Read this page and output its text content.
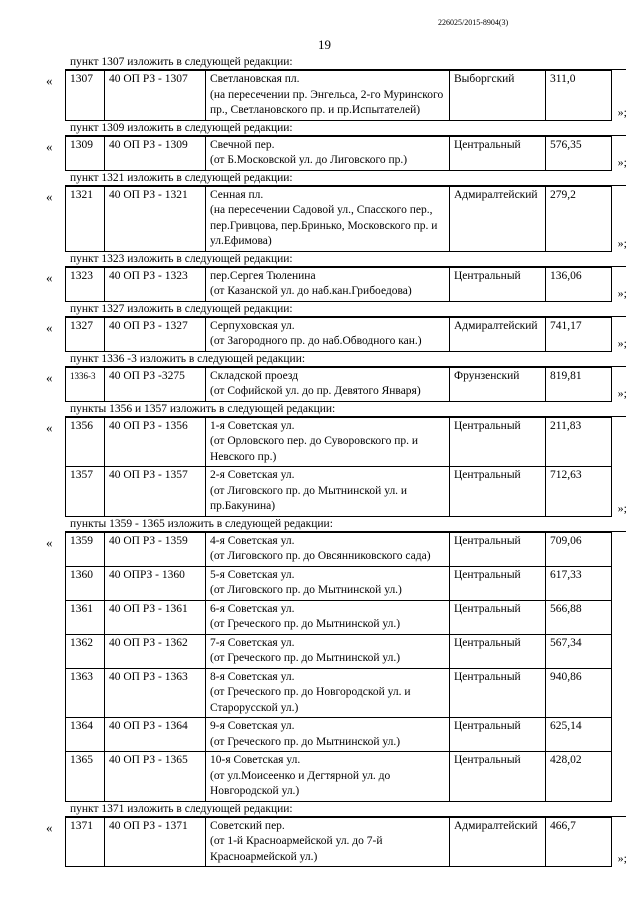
226025/2015-8904(3)
19
пункт 1307 изложить в следующей редакции:
« 1307	40 ОП РЗ - 1307	Светлановская пл.
(на пересечении пр. Энгельса, 2-го Муринского пр., Светлановского пр. и пр.Испытателей)
	Выборгский	311,0
»;
пункт 1309 изложить в следующей редакции:
« 1309	40 ОП РЗ - 1309	Свечной пер.
(от Б.Московской ул. до Лиговского пр.)
	Центральный	576,35
»;
пункт 1321 изложить в следующей редакции:
« 1321	40 ОП РЗ - 1321	Сенная пл.
(на пересечении Садовой ул., Спасского пер., пер.Гривцова, пер.Бринько, Московского пр. и ул.Ефимова)
	Адмиралтейский	279,2
»;
пункт 1323 изложить в следующей редакции:
« 1323	40 ОП РЗ - 1323	пер.Сергея Тюленина
(от Казанской ул. до наб.кан.Грибоедова)
	Центральный	136,06
»;
пункт 1327 изложить в следующей редакции:
« 1327	40 ОП РЗ - 1327	Серпуховская ул.
(от Загородного пр. до наб.Обводного кан.)
	Адмиралтейский	741,17
»;
пункт 1336 -3 изложить в следующей редакции:
« 1336-3	40 ОП РЗ -3275	Складской проезд
(от Софийской ул. до пр. Девятого Января)
	Фрунзенский	819,81
»;
пункты 1356 и 1357 изложить в следующей редакции:
« 1356	40 ОП РЗ - 1356	1-я Советская ул.
(от Орловского пер. до Суворовского пр. и Невского пр.)	Центральный	211,83
1357	40 ОП РЗ - 1357	2-я Советская ул.
(от Лиговского пр. до Мытнинской ул. и пр.Бакунина)	Центральный	712,63
»;
пункты 1359 - 1365 изложить в следующей редакции:
« 1359	40 ОП РЗ - 1359	4-я Советская ул.
(от Лиговского пр. до Овсянниковского сада)	Центральный	709,06
1360	40 ОПРЗ - 1360	5-я Советская ул.
(от Лиговского пр. до Мытнинской ул.)	Центральный	617,33
1361	40 ОП РЗ - 1361	6-я Советская ул.
(от Греческого пр. до Мытнинской ул.)	Центральный	566,88
1362	40 ОП РЗ - 1362	7-я Советская ул.
(от Греческого пр. до Мытнинской ул.)	Центральный	567,34
1363	40 ОП РЗ - 1363	8-я Советская ул.
(от Греческого пр. до Новгородской ул. и Старорусской ул.)	Центральный	940,86
1364	40 ОП РЗ - 1364	9-я Советская ул.
(от Греческого пр. до Мытнинской ул.)	Центральный	625,14
1365	40 ОП РЗ - 1365	10-я Советская ул.
(от ул.Моисеенко и Дегтярной ул. до Новгородской ул.)	Центральный	428,02
пункт 1371 изложить в следующей редакции:
« 1371	40 ОП РЗ - 1371	Советский пер.
(от 1-й Красноармейской ул. до 7-й Красноармейской ул.)
	Адмиралтейский	466,7
»;
